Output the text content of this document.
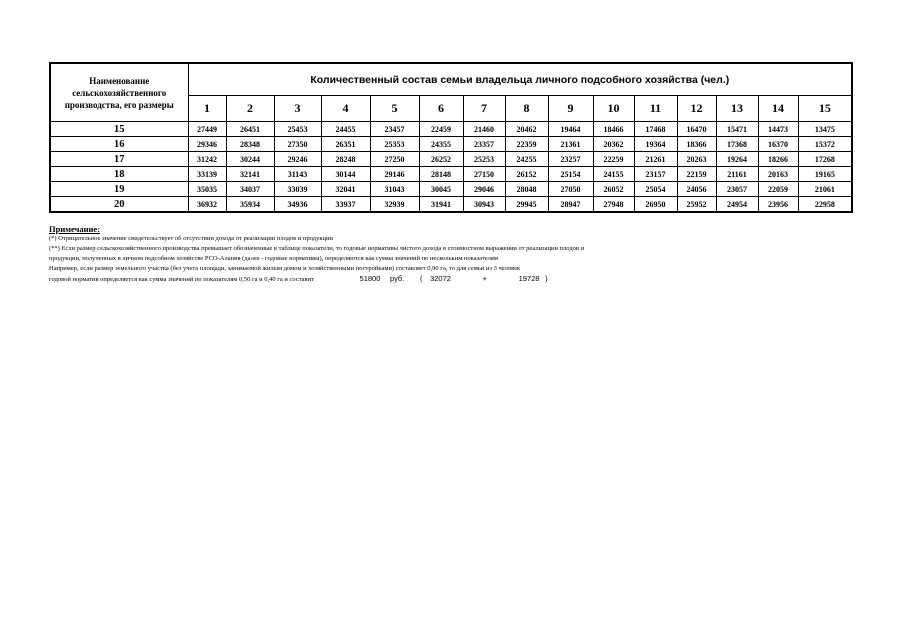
Наименование сельскохозяйственного производства, его размеры	Количественный состав семьи владельца личного подсобного хозяйства (чел.)														
	1	2	3	4	5	6	7	8	9	10	11	12	13	14	15
15	27449	26451	25453	24455	23457	22459	21460	20462	19464	18466	17468	16470	15471	14473	13475
16	29346	28348	27350	26351	25353	24355	23357	22359	21361	20362	19364	18366	17368	16370	15372
17	31242	30244	29246	28248	27250	26252	25253	24255	23257	22259	21261	20263	19264	18266	17268
18	33139	32141	31143	30144	29146	28148	27150	26152	25154	24155	23157	22159	21161	20163	19165
19	35035	34037	33039	32041	31043	30045	29046	28048	27050	26052	25054	24056	23057	22059	21061
20	36932	35934	34936	33937	32939	31941	30943	29945	28947	27948	26950	25952	24954	23956	22958
Примечание:
(*) Отрицательное значение свидетельствует об отсутствии дохода от реализации плодов и продукции
(**) Если размер сельскохозяйственного производства превышает обозначенные в таблице показатели, то годовые нормативы чистого дохода в стоимостном выражении от реализации плодов и
продукции, полученных в личном подсобном хозяйстве РСО-Алания (далее - годовые нормативы), определяются как сумма значений по нескольким показателям
Например, если размер земельного участка (без учета площади, занимаемой жилым домом и хозяйственными постройками) составляет 0,90 га, то для семьи из 3 человек
годовой норматив определяется как сумма значений по показателям 0,50 га и 0,40 га и составит	51800 руб. ( 32072	+	19728 )
